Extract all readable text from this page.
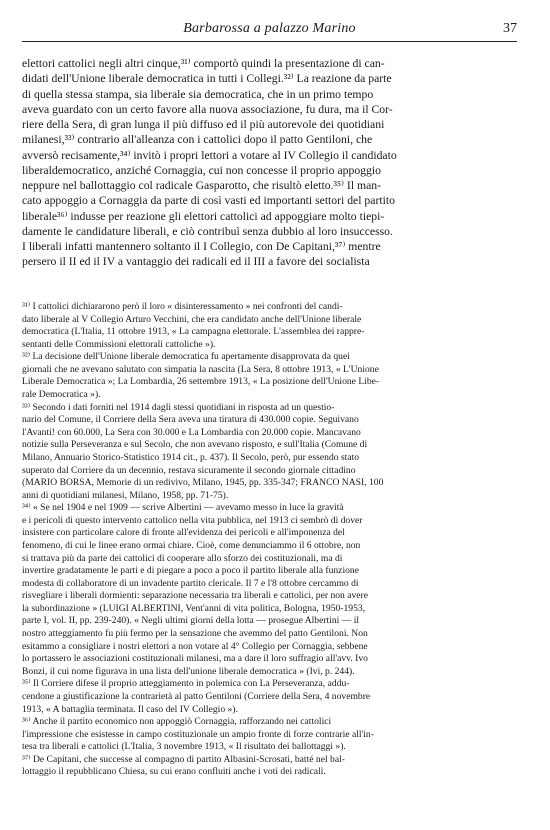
Barbarossa a palazzo Marino	37
elettori cattolici negli altri cinque,³¹⁾ comportò quindi la presentazione di can-
didati dell'Unione liberale democratica in tutti i Collegi.³²⁾ La reazione da parte
di quella stessa stampa, sia liberale sia democratica, che in un primo tempo
aveva guardato con un certo favore alla nuova associazione, fu dura, ma il Cor-
riere della Sera, di gran lunga il più diffuso ed il più autorevole dei quotidiani
milanesi,³³⁾ contrario all'alleanza con i cattolici dopo il patto Gentiloni, che
avversò recisamente,³⁴⁾ invitò i propri lettori a votare al IV Collegio il candidato
liberaldemocratico, anziché Cornaggia, cui non concesse il proprio appoggio
neppure nel ballottaggio col radicale Gasparotto, che risultò eletto.³⁵⁾ Il man-
cato appoggio a Cornaggia da parte di così vasti ed importanti settori del partito
liberale³⁶⁾ indusse per reazione gli elettori cattolici ad appoggiare molto tiepi-
damente le candidature liberali, e ciò contribuì senza dubbio al loro insuccesso.
I liberali infatti mantennero soltanto il I Collegio, con De Capitani,³⁷⁾ mentre
persero il II ed il IV a vantaggio dei radicali ed il III a favore dei socialista
³¹⁾ I cattolici dichiararono però il loro « disinteressamento » nei confronti del candi-
dato liberale al V Collegio Arturo Vecchini, che era candidato anche dell'Unione liberale
democratica (L'Italia, 11 ottobre 1913, « La campagna elettorale. L'assemblea dei rappre-
sentanti delle Commissioni elettorali cattoliche »).
³²⁾ La decisione dell'Unione liberale democratica fu apertamente disapprovata da quei
giornali che ne avevano salutato con simpatia la nascita (La Sera, 8 ottobre 1913, « L'Unione
Liberale Democratica »; La Lombardia, 26 settembre 1913, « La posizione dell'Unione Libe-
rale Democratica »).
³³⁾ Secondo i dati forniti nel 1914 dagli stessi quotidiani in risposta ad un questio-
nario del Comune, il Corriere della Sera aveva una tiratura di 430.000 copie. Seguivano
l'Avanti! con 60.000, La Sera con 30.000 e La Lombardia con 20.000 copie. Mancavano
notizie sulla Perseveranza e sul Secolo, che non avevano risposto, e sull'Italia (Comune di
Milano, Annuario Storico-Statistico 1914 cit., p. 437). Il Secolo, però, pur essendo stato
superato dal Corriere da un decennio, restava sicuramente il secondo giornale cittadino
(MARIO BORSA, Memorie di un redivivo, Milano, 1945, pp. 335-347; FRANCO NASI, 100
anni di quotidiani milanesi, Milano, 1958, pp. 71-75).
³⁴⁾ « Se nel 1904 e nel 1909 — scrive Albertini — avevamo messo in luce la gravità
e i pericoli di questo intervento cattolico nella vita pubblica, nel 1913 ci sembrò di dover
insistere con particolare calore di fronte all'evidenza dei pericoli e all'imponenza del
fenomeno, di cui le linee erano ormai chiare. Cioè, come denunciammo il 6 ottobre, non
si trattava più da parte dei cattolici di cooperare allo sforzo dei costituzionali, ma di
invertire gradatamente le parti e di piegare a poco a poco il partito liberale alla funzione
modesta di collaboratore di un invadente partito clericale. Il 7 e l'8 ottobre cercammo di
risvegliare i liberali dormienti: separazione necessaria tra liberali e cattolici, per non avere
la subordinazione » (LUIGI ALBERTINI, Vent'anni di vita politica, Bologna, 1950-1953,
parte I, vol. II, pp. 239-240). « Negli ultimi giorni della lotta — prosegue Albertini — il
nostro atteggiamento fu più fermo per la sensazione che avemmo del patto Gentiloni. Non
esitammo a consigliare i nostri elettori a non votare al 4° Collegio per Cornaggia, sebbene
lo portassero le associazioni costituzionali milanesi, ma a dare il loro suffragio all'avv. Ivo
Bonzi, il cui nome figurava in una lista dell'unione liberale democratica » (Ivi, p. 244).
³⁵⁾ Il Corriere difese il proprio atteggiamento in polemica con La Perseveranza, addu-
cendone a giustificazione la contrarietà al patto Gentiloni (Corriere della Sera, 4 novembre
1913, « A battaglia terminata. Il caso del IV Collegio »).
³⁶⁾ Anche il partito economico non appoggiò Cornaggia, rafforzando nei cattolici
l'impressione che esistesse in campo costituzionale un ampio fronte di forze contrarie all'in-
tesa tra liberali e cattolici (L'Italia, 3 novembre 1913, « Il risultato dei ballottaggi »).
³⁷⁾ De Capitani, che successe al compagno di partito Albasini-Scrosati, batté nel bal-
lottaggio il repubblicano Chiesa, su cui erano confluiti anche i voti dei radicali.
